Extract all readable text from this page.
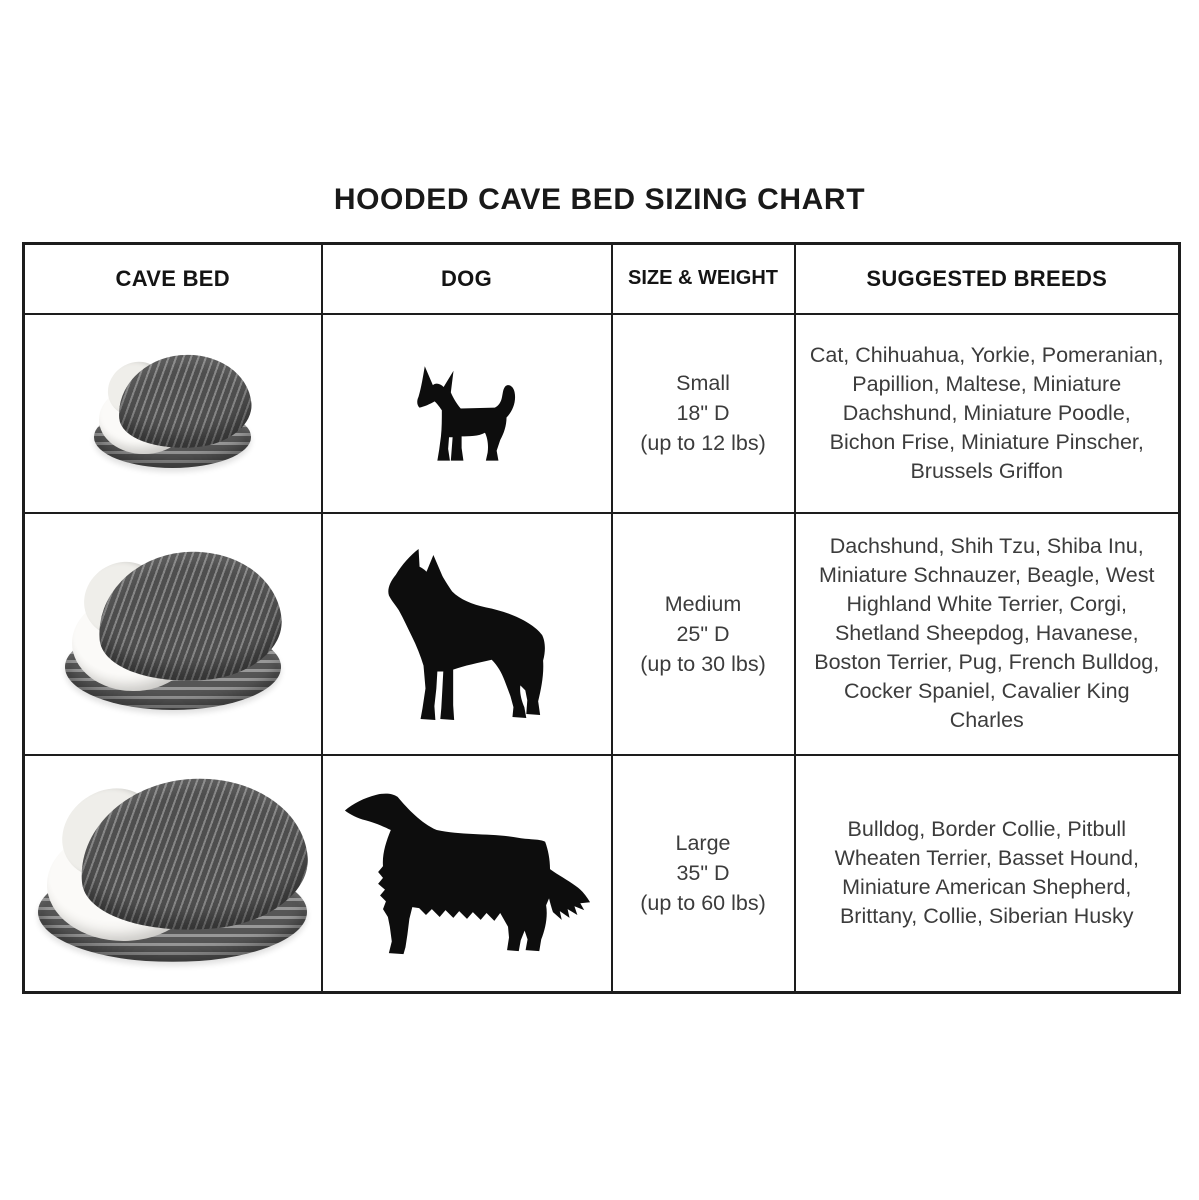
HOODED CAVE BED SIZING CHART
CAVE BED	DOG	SIZE & WEIGHT	SUGGESTED BREEDS

Small
18" D
(up to 12 lbs)	Cat, Chihuahua, Yorkie, Pomeranian, Papillion, Maltese, Miniature Dachshund, Miniature Poodle, Bichon Frise, Miniature Pinscher, Brussels Griffon

Medium
25" D
(up to 30 lbs)	Dachshund, Shih Tzu, Shiba Inu, Miniature Schnauzer, Beagle, West Highland White Terrier, Corgi, Shetland Sheepdog, Havanese, Boston Terrier, Pug, French Bulldog, Cocker Spaniel, Cavalier King Charles

Large
35" D
(up to 60 lbs)	Bulldog, Border Collie, Pitbull Wheaten Terrier, Basset Hound, Miniature American Shepherd, Brittany, Collie, Siberian Husky
